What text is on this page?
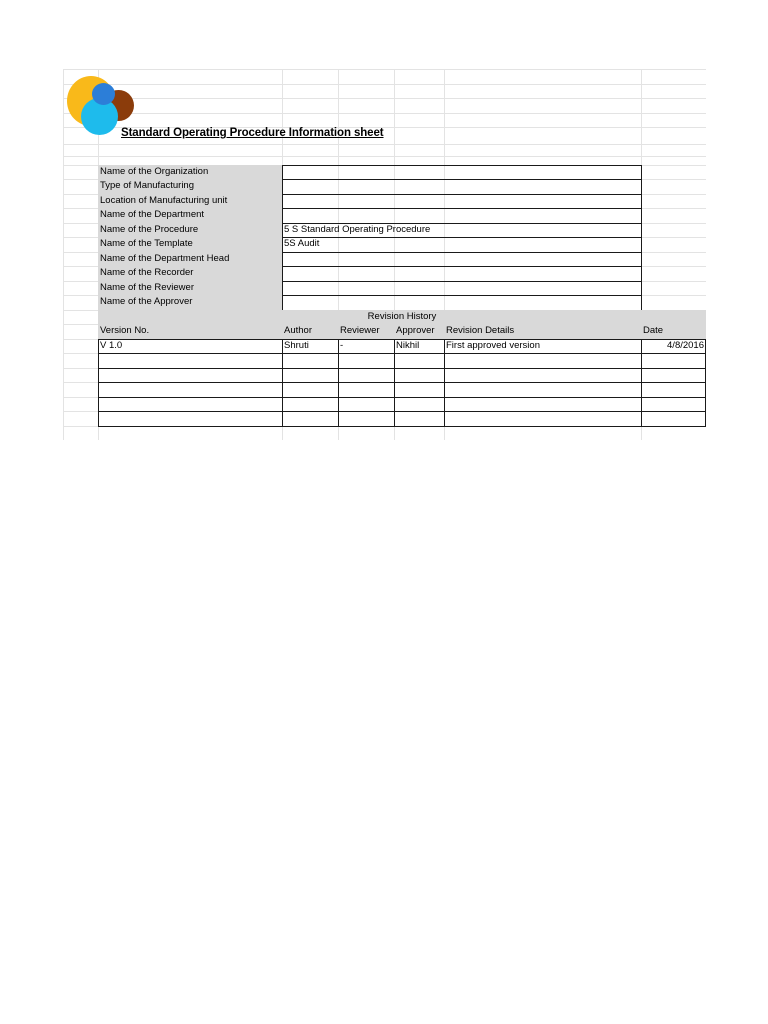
Standard Operating Procedure Information sheet
Name of the Organization
Type of Manufacturing
Location of Manufacturing unit
Name of the Department
Name of the Procedure	5 S Standard Operating Procedure
Name of the Template	5S Audit
Name of the Department Head
Name of the Recorder
Name of the Reviewer
Name of the Approver
Revision History
Version No.	Author	Reviewer	Approver	Revision Details	Date
V 1.0	Shruti	-	Nikhil	First approved version	4/8/2016
